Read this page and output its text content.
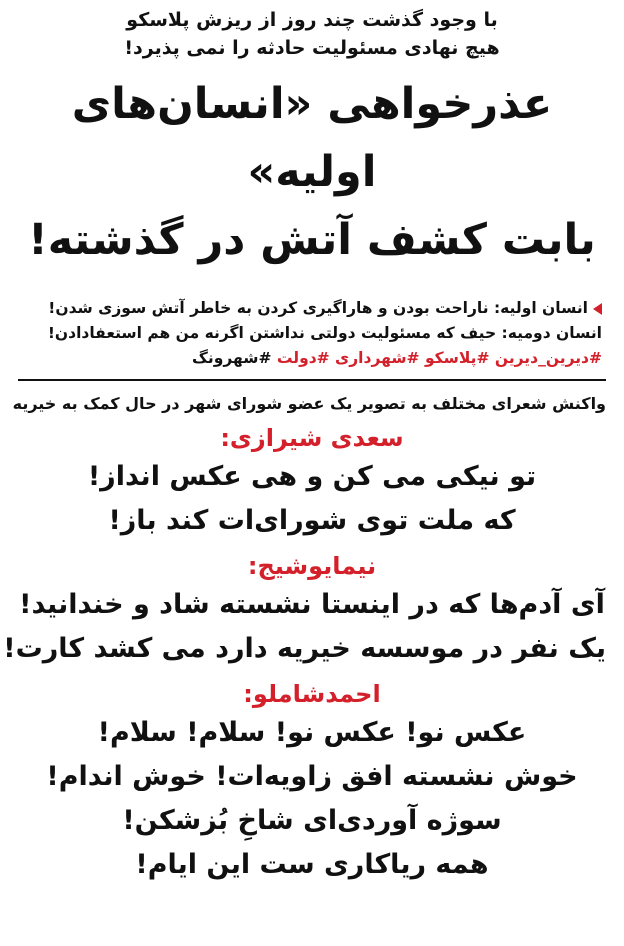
با وجود گذشت چند روز از ریزش پلاسکو
هیچ نهادی مسئولیت حادثه را نمی پذیرد!
عذرخواهی «انسان‌های اولیه»
بابت کشف آتش در گذشته!
انسان اولیه: ناراحت بودن و هاراگیری کردن به خاطر آتش سوزی شدن!
انسان دومیه: حیف که مسئولیت دولتی نداشتن اگرنه من هم استعفادادن!
#دیرین_دیرین #پلاسکو #شهرداری #دولت #شهرونگ
واکنش شعرای مختلف به تصویر یک عضو شورای شهر در حال کمک به خیریه
سعدی شیرازی:
تو نیکی می کن و هی عکس انداز!
که ملت توی شورای‌ات کند باز!
نیمایوشیج:
آی آدم‌ها که در اینستا نشسته شاد و خندانید!
یک نفر در موسسه خیریه دارد می کشد کارت!
احمدشاملو:
عکس نو! عکس نو! سلام! سلام!
خوش نشسته افق زاویه‌ات! خوش اندام!
سوژه آوردی‌ای شاخِ بُزشکن!
همه ریاکاری ست این ایام!
